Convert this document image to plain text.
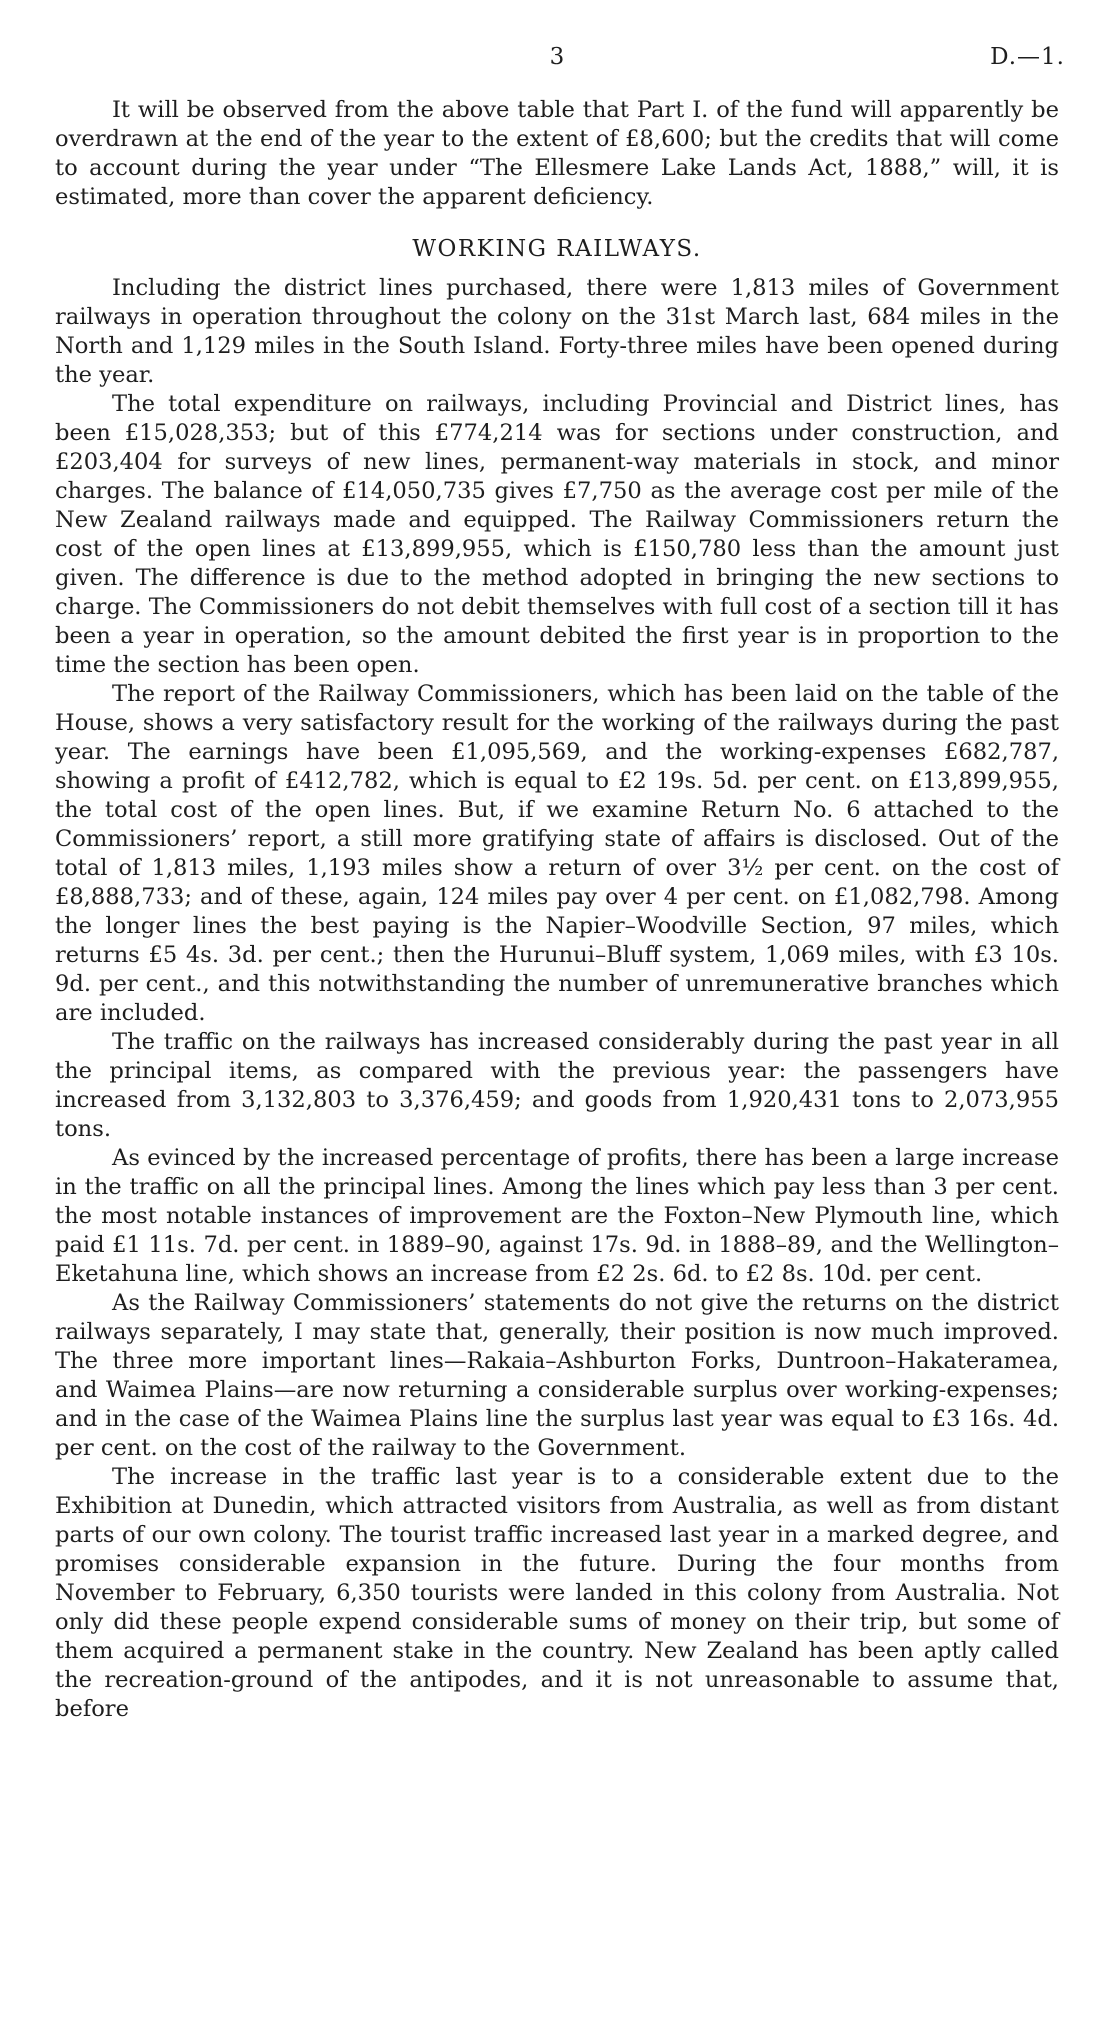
3	D.—1.

It will be observed from the above table that Part I. of the fund will apparently be overdrawn at the end of the year to the extent of £8,600; but the credits that will come to account during the year under “The Ellesmere Lake Lands Act, 1888,” will, it is estimated, more than cover the apparent deficiency.

WORKING RAILWAYS.

Including the district lines purchased, there were 1,813 miles of Government railways in operation throughout the colony on the 31st March last, 684 miles in the North and 1,129 miles in the South Island. Forty-three miles have been opened during the year.

The total expenditure on railways, including Provincial and District lines, has been £15,028,353; but of this £774,214 was for sections under construction, and £203,404 for surveys of new lines, permanent-way materials in stock, and minor charges. The balance of £14,050,735 gives £7,750 as the average cost per mile of the New Zealand railways made and equipped. The Railway Commissioners return the cost of the open lines at £13,899,955, which is £150,780 less than the amount just given. The difference is due to the method adopted in bringing the new sections to charge. The Commissioners do not debit themselves with full cost of a section till it has been a year in operation, so the amount debited the first year is in proportion to the time the section has been open.

The report of the Railway Commissioners, which has been laid on the table of the House, shows a very satisfactory result for the working of the railways during the past year. The earnings have been £1,095,569, and the working-expenses £682,787, showing a profit of £412,782, which is equal to £2 19s. 5d. per cent. on £13,899,955, the total cost of the open lines. But, if we examine Return No. 6 attached to the Commissioners’ report, a still more gratifying state of affairs is disclosed. Out of the total of 1,813 miles, 1,193 miles show a return of over 3½ per cent. on the cost of £8,888,733; and of these, again, 124 miles pay over 4 per cent. on £1,082,798. Among the longer lines the best paying is the Napier–Woodville Section, 97 miles, which returns £5 4s. 3d. per cent.; then the Hurunui–Bluff system, 1,069 miles, with £3 10s. 9d. per cent., and this notwithstanding the number of unremunerative branches which are included.

The traffic on the railways has increased considerably during the past year in all the principal items, as compared with the previous year: the passengers have increased from 3,132,803 to 3,376,459; and goods from 1,920,431 tons to 2,073,955 tons.

As evinced by the increased percentage of profits, there has been a large increase in the traffic on all the principal lines. Among the lines which pay less than 3 per cent. the most notable instances of improvement are the Foxton–New Plymouth line, which paid £1 11s. 7d. per cent. in 1889–90, against 17s. 9d. in 1888–89, and the Wellington–Eketahuna line, which shows an increase from £2 2s. 6d. to £2 8s. 10d. per cent.

As the Railway Commissioners’ statements do not give the returns on the district railways separately, I may state that, generally, their position is now much improved. The three more important lines—Rakaia–Ashburton Forks, Duntroon–Hakateramea, and Waimea Plains—are now returning a considerable surplus over working-expenses; and in the case of the Waimea Plains line the surplus last year was equal to £3 16s. 4d. per cent. on the cost of the railway to the Government.

The increase in the traffic last year is to a considerable extent due to the Exhibition at Dunedin, which attracted visitors from Australia, as well as from distant parts of our own colony. The tourist traffic increased last year in a marked degree, and promises considerable expansion in the future. During the four months from November to February, 6,350 tourists were landed in this colony from Australia. Not only did these people expend considerable sums of money on their trip, but some of them acquired a permanent stake in the country. New Zealand has been aptly called the recreation-ground of the antipodes, and it is not unreasonable to assume that, before
